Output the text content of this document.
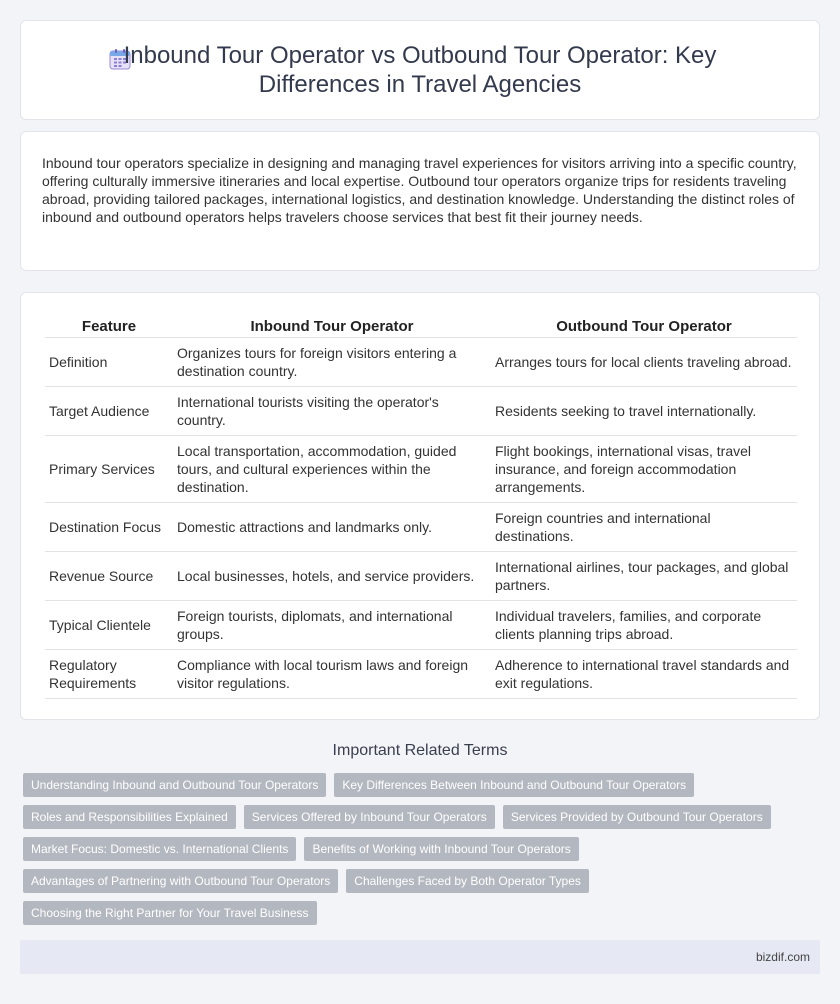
Inbound Tour Operator vs Outbound Tour Operator: Key Differences in Travel Agencies

Inbound tour operators specialize in designing and managing travel experiences for visitors arriving into a specific country, offering culturally immersive itineraries and local expertise. Outbound tour operators organize trips for residents traveling abroad, providing tailored packages, international logistics, and destination knowledge. Understanding the distinct roles of inbound and outbound operators helps travelers choose services that best fit their journey needs.

Feature	Inbound Tour Operator	Outbound Tour Operator
Definition	Organizes tours for foreign visitors entering a destination country.	Arranges tours for local clients traveling abroad.
Target Audience	International tourists visiting the operator's country.	Residents seeking to travel internationally.
Primary Services	Local transportation, accommodation, guided tours, and cultural experiences within the destination.	Flight bookings, international visas, travel insurance, and foreign accommodation arrangements.
Destination Focus	Domestic attractions and landmarks only.	Foreign countries and international destinations.
Revenue Source	Local businesses, hotels, and service providers.	International airlines, tour packages, and global partners.
Typical Clientele	Foreign tourists, diplomats, and international groups.	Individual travelers, families, and corporate clients planning trips abroad.
Regulatory Requirements	Compliance with local tourism laws and foreign visitor regulations.	Adherence to international travel standards and exit regulations.
Important Related Terms
Understanding Inbound and Outbound Tour Operators	Key Differences Between Inbound and Outbound Tour Operators
Roles and Responsibilities Explained	Services Offered by Inbound Tour Operators	Services Provided by Outbound Tour Operators
Market Focus: Domestic vs. International Clients	Benefits of Working with Inbound Tour Operators
Advantages of Partnering with Outbound Tour Operators	Challenges Faced by Both Operator Types
Choosing the Right Partner for Your Travel Business
bizdif.com
